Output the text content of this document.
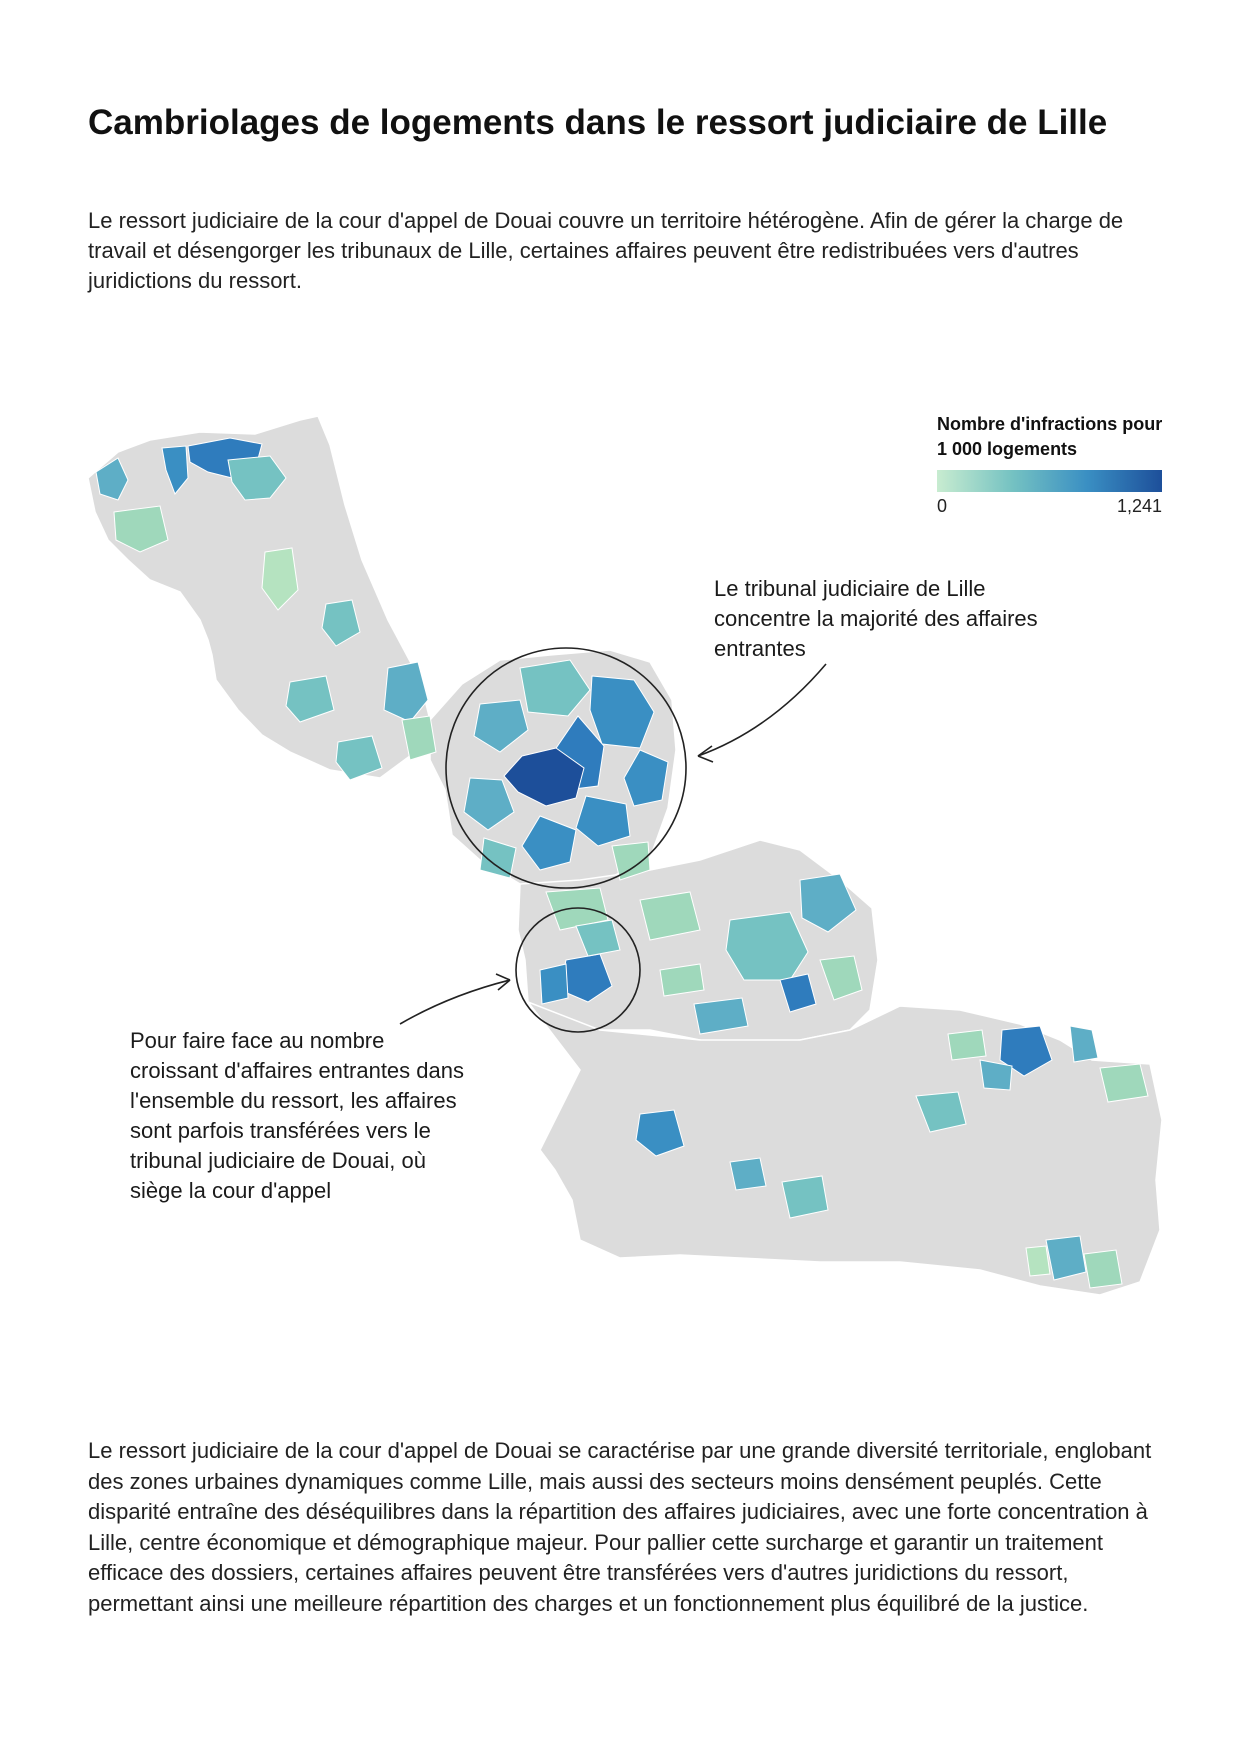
Cambriolages de logements dans le ressort judiciaire de Lille

Le ressort judiciaire de la cour d'appel de Douai couvre un territoire hétérogène. Afin de gérer la charge de travail et désengorger les tribunaux de Lille, certaines affaires peuvent être redistribuées vers d'autres juridictions du ressort.

Nombre d'infractions pour 1 000 logements
0	1,241
Le tribunal judiciaire de Lille concentre la majorité des affaires entrantes
Pour faire face au nombre croissant d'affaires entrantes dans l'ensemble du ressort, les affaires sont parfois transférées vers le tribunal judiciaire de Douai, où siège la cour d'appel

Le ressort judiciaire de la cour d'appel de Douai se caractérise par une grande diversité territoriale, englobant des zones urbaines dynamiques comme Lille, mais aussi des secteurs moins densément peuplés. Cette disparité entraîne des déséquilibres dans la répartition des affaires judiciaires, avec une forte concentration à Lille, centre économique et démographique majeur. Pour pallier cette surcharge et garantir un traitement efficace des dossiers, certaines affaires peuvent être transférées vers d'autres juridictions du ressort, permettant ainsi une meilleure répartition des charges et un fonctionnement plus équilibré de la justice.
